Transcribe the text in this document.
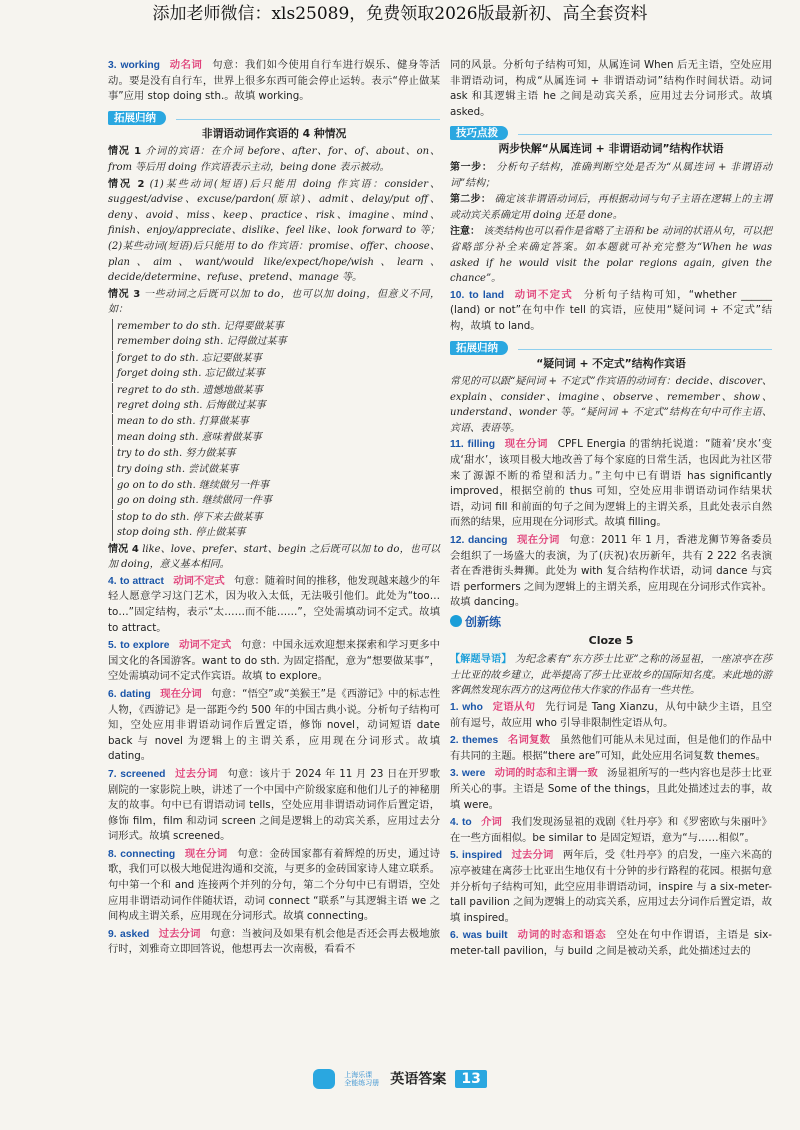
添加老师微信：xls25089，免费领取2026版最新初、高全套资料
3. working 动名词 句意：我们如今使用自行车进行娱乐、健身等活动。要是没有自行车，世界上很多东西可能会停止运转。表示“停止做某事”应用 stop doing sth.。故填 working。
拓展归纳
非谓语动词作宾语的 4 种情况
情况 1 介词的宾语：在介词 before、after、for、of、about、on、from 等后用 doing 作宾语表示主动，being done 表示被动。
情况 2 (1)某些动词(短语)后只能用 doing 作宾语：consider、suggest/advise、excuse/pardon(原谅)、admit、delay/put off、deny、avoid、miss、keep、practice、risk、imagine、mind、finish、enjoy/appreciate、dislike、feel like、look forward to 等；(2)某些动词(短语)后只能用 to do 作宾语：promise、offer、choose、plan、aim、want/would like/expect/hope/wish、learn、decide/determine、refuse、pretend、manage 等。
情况 3 一些动词之后既可以加 to do，也可以加 doing，但意义不同，如：
remember to do sth. 记得要做某事
remember doing sth. 记得做过某事
forget to do sth. 忘记要做某事
forget doing sth. 忘记做过某事
regret to do sth. 遗憾地做某事
regret doing sth. 后悔做过某事
mean to do sth. 打算做某事
mean doing sth. 意味着做某事
try to do sth. 努力做某事
try doing sth. 尝试做某事
go on to do sth. 继续做另一件事
go on doing sth. 继续做同一件事
stop to do sth. 停下来去做某事
stop doing sth. 停止做某事
情况 4 like、love、prefer、start、begin 之后既可以加 to do，也可以加 doing，意义基本相同。
4. to attract 动词不定式 句意：随着时间的推移，他发现越来越少的年轻人愿意学习这门艺术，因为收入太低，无法吸引他们。此处为“too… to…”固定结构，表示“太……而不能……”，空处需填动词不定式。故填 to attract。
5. to explore 动词不定式 句意：中国永远欢迎想来探索和学习更多中国文化的各国游客。want to do sth. 为固定搭配，意为“想要做某事”，空处需填动词不定式作宾语。故填 to explore。
6. dating 现在分词 句意：“悟空”或“美猴王”是《西游记》中的标志性人物，《西游记》是一部距今约 500 年的中国古典小说。分析句子结构可知，空处应用非谓语动词作后置定语，修饰 novel，动词短语 date back 与 novel 为逻辑上的主谓关系，应用现在分词形式。故填 dating。
7. screened 过去分词 句意：该片于 2024 年 11 月 23 日在开罗歌剧院的一家影院上映，讲述了一个中国中产阶级家庭和他们儿子的神秘朋友的故事。句中已有谓语动词 tells，空处应用非谓语动词作后置定语，修饰 film，film 和动词 screen 之间是逻辑上的动宾关系，应用过去分词形式。故填 screened。
8. connecting 现在分词 句意：金砖国家都有着辉煌的历史，通过诗歌，我们可以极大地促进沟通和交流，与更多的金砖国家诗人建立联系。句中第一个和 and 连接两个并列的分句，第二个分句中已有谓语，空处应用非谓语动词作伴随状语，动词 connect “联系”与其逻辑主语 we 之间构成主谓关系，应用现在分词形式。故填 connecting。
9. asked 过去分词 句意：当被问及如果有机会他是否还会再去极地旅行时，刘雅奇立即回答说，他想再去一次南极，看看不
同的风景。分析句子结构可知，从属连词 When 后无主语，空处应用非谓语动词，构成“从属连词 + 非谓语动词”结构作时间状语。动词 ask 和其逻辑主语 he 之间是动宾关系，应用过去分词形式。故填 asked。
技巧点拨
两步快解“从属连词 + 非谓语动词”结构作状语
第一步： 分析句子结构，准确判断空处是否为“从属连词 + 非谓语动词”结构；
第二步： 确定该非谓语动词后，再根据动词与句子主语在逻辑上的主谓或动宾关系确定用 doing 还是 done。
注意： 该类结构也可以看作是省略了主语和 be 动词的状语从句，可以把省略部分补全来确定答案。如本题就可补充完整为“When he was asked if he would visit the polar regions again, given the chance”。
10. to land 动词不定式 分析句子结构可知，“whether ______ (land) or not”在句中作 tell 的宾语，应使用“疑问词 + 不定式”结构，故填 to land。
拓展归纳
“疑问词 + 不定式”结构作宾语
常见的可以跟“疑问词 + 不定式”作宾语的动词有：decide、discover、explain、consider、imagine、observe、remember、show、understand、wonder 等。“疑问词 + 不定式”结构在句中可作主语、宾语、表语等。
11. filling 现在分词 CPFL Energia 的雷纳托说道：“随着‘戾水’变成‘甜水’，该项目极大地改善了每个家庭的日常生活，也因此为社区带来了源源不断的希望和活力。”主句中已有谓语 has significantly improved，根据空前的 thus 可知，空处应用非谓语动词作结果状语，动词 fill 和前面的句子之间为逻辑上的主谓关系，且此处表示自然而然的结果，应用现在分词形式。故填 filling。
12. dancing 现在分词 句意：2011 年 1 月，香港龙狮节筹备委员会组织了一场盛大的表演，为了(庆祝)农历新年，共有 2 222 名表演者在香港街头舞狮。此处为 with 复合结构作状语，动词 dance 与宾语 performers 之间为逻辑上的主谓关系，应用现在分词形式作宾补。故填 dancing。
创新练
Cloze 5
【解题导语】 为纪念素有“东方莎士比亚”之称的汤显祖，一座凉亭在莎士比亚的故乡建立，此举提高了莎士比亚故乡的国际知名度。来此地的游客偶然发现东西方的这两位伟大作家的作品有一些共性。
1. who 定语从句 先行词是 Tang Xianzu，从句中缺少主语，且空前有逗号，故应用 who 引导非限制性定语从句。
2. themes 名词复数 虽然他们可能从未见过面，但是他们的作品中有共同的主题。根据“there are”可知，此处应用名词复数 themes。
3. were 动词的时态和主谓一致 汤显祖所写的一些内容也是莎士比亚所关心的事。主语是 Some of the things，且此处描述过去的事，故填 were。
4. to 介词 我们发现汤显祖的戏剧《牡丹亭》和《罗密欧与朱丽叶》在一些方面相似。be similar to 是固定短语，意为“与……相似”。
5. inspired 过去分词 两年后，受《牡丹亭》的启发，一座六米高的凉亭被建在离莎士比亚出生地仅有十分钟的步行路程的花园。根据句意并分析句子结构可知，此空应用非谓语动词，inspire 与 a six-meter-tall pavilion 之间为逻辑上的动宾关系，应用过去分词作后置定语，故填 inspired。
6. was built 动词的时态和语态 空处在句中作谓语，主语是 six-meter-tall pavilion，与 build 之间是被动关系，此处描述过去的
上海乐课
全能练习册 英语答案 13
